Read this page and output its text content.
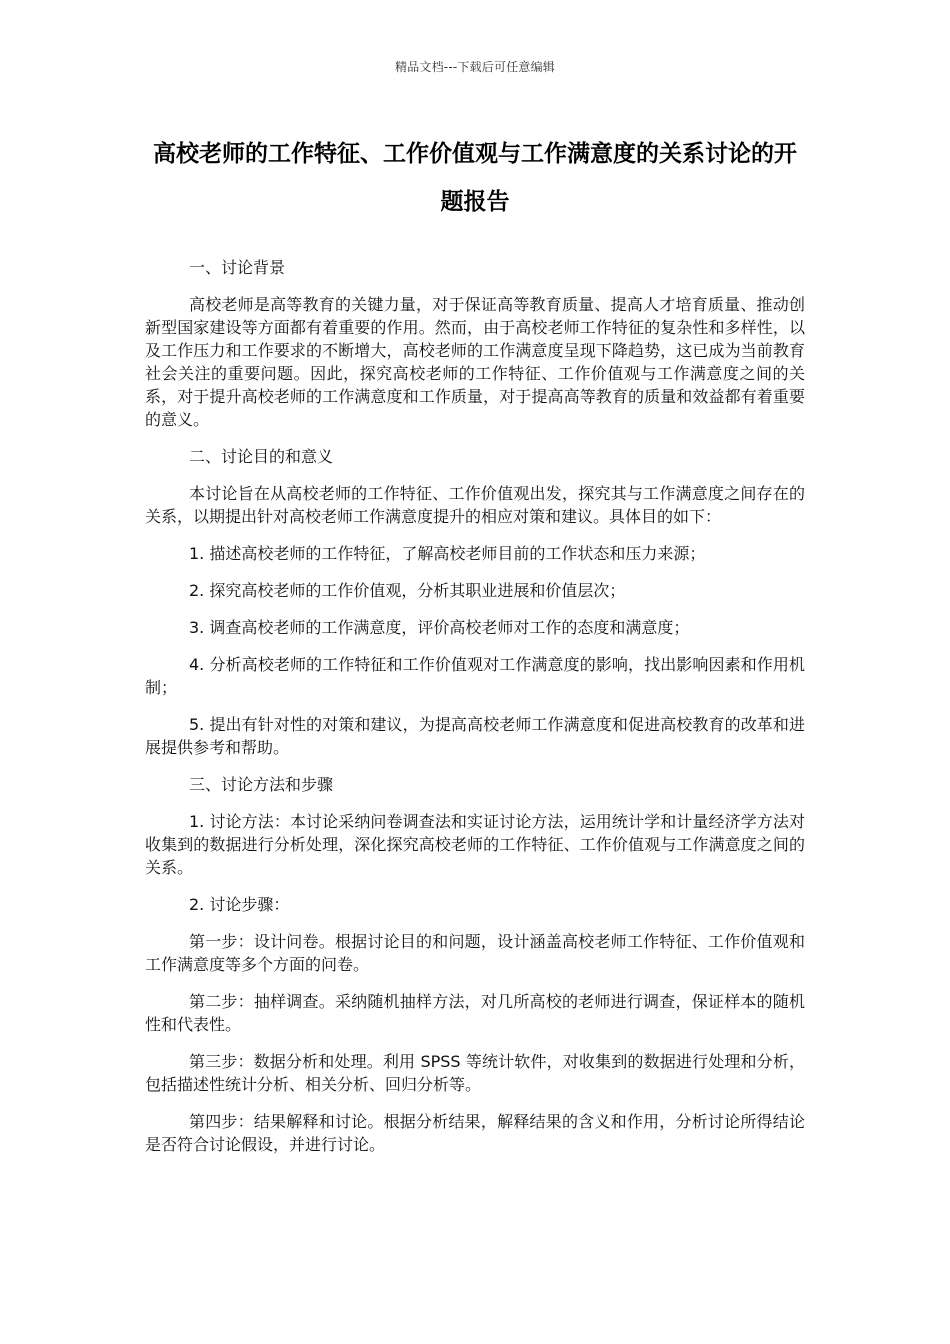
精品文档---下载后可任意编辑
高校老师的工作特征、工作价值观与工作满意度的关系讨论的开题报告

一、讨论背景

高校老师是高等教育的关键力量，对于保证高等教育质量、提高人才培育质量、推动创新型国家建设等方面都有着重要的作用。然而，由于高校老师工作特征的复杂性和多样性，以及工作压力和工作要求的不断增大，高校老师的工作满意度呈现下降趋势，这已成为当前教育社会关注的重要问题。因此，探究高校老师的工作特征、工作价值观与工作满意度之间的关系，对于提升高校老师的工作满意度和工作质量，对于提高高等教育的质量和效益都有着重要的意义。

二、讨论目的和意义

本讨论旨在从高校老师的工作特征、工作价值观出发，探究其与工作满意度之间存在的关系，以期提出针对高校老师工作满意度提升的相应对策和建议。具体目的如下：

1. 描述高校老师的工作特征，了解高校老师目前的工作状态和压力来源；

2. 探究高校老师的工作价值观，分析其职业进展和价值层次；

3. 调查高校老师的工作满意度，评价高校老师对工作的态度和满意度；

4. 分析高校老师的工作特征和工作价值观对工作满意度的影响，找出影响因素和作用机制；

5. 提出有针对性的对策和建议，为提高高校老师工作满意度和促进高校教育的改革和进展提供参考和帮助。

三、讨论方法和步骤

1. 讨论方法：本讨论采纳问卷调查法和实证讨论方法，运用统计学和计量经济学方法对收集到的数据进行分析处理，深化探究高校老师的工作特征、工作价值观与工作满意度之间的关系。

2. 讨论步骤：

第一步：设计问卷。根据讨论目的和问题，设计涵盖高校老师工作特征、工作价值观和工作满意度等多个方面的问卷。

第二步：抽样调查。采纳随机抽样方法，对几所高校的老师进行调查，保证样本的随机性和代表性。

第三步：数据分析和处理。利用 SPSS 等统计软件，对收集到的数据进行处理和分析，包括描述性统计分析、相关分析、回归分析等。

第四步：结果解释和讨论。根据分析结果，解释结果的含义和作用，分析讨论所得结论是否符合讨论假设，并进行讨论。
